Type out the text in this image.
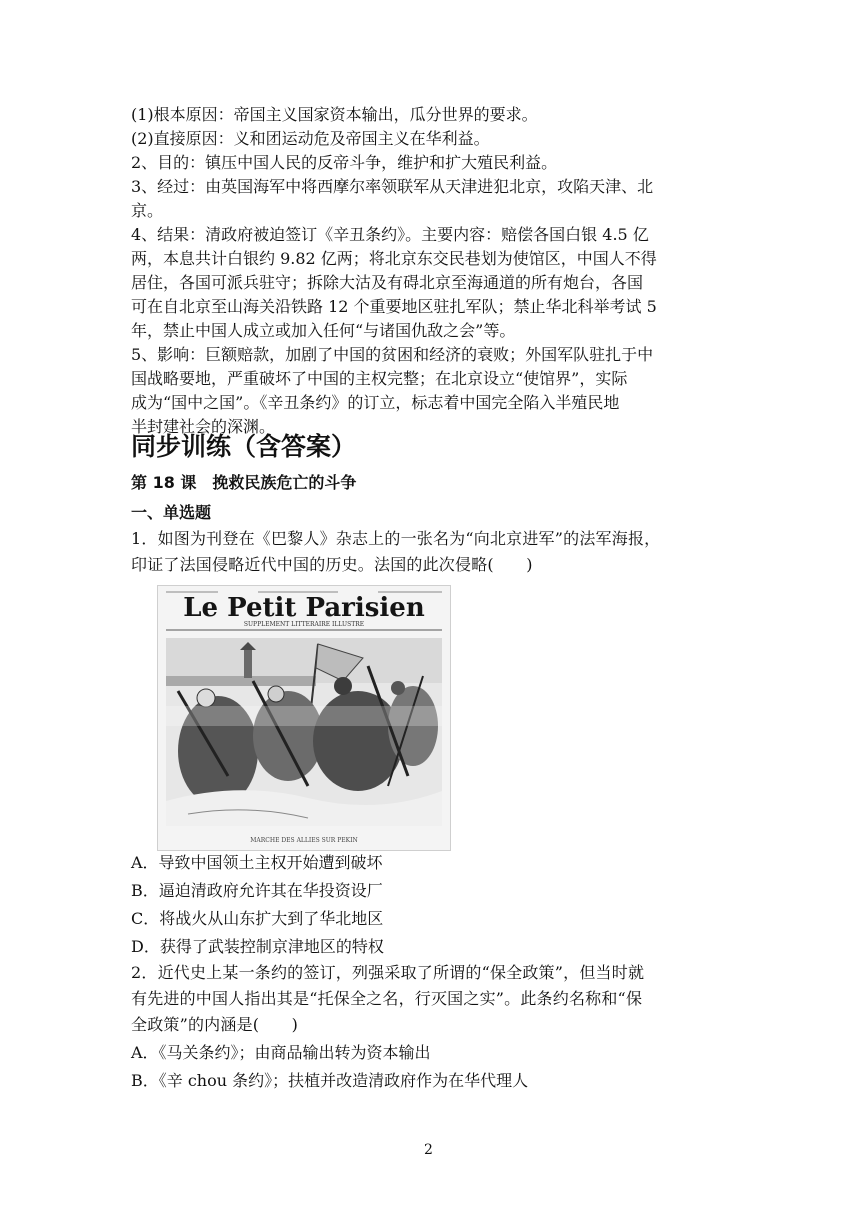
(1)根本原因：帝国主义国家资本输出，瓜分世界的要求。
(2)直接原因：义和团运动危及帝国主义在华利益。
2、目的：镇压中国人民的反帝斗争，维护和扩大殖民利益。
3、经过：由英国海军中将西摩尔率领联军从天津进犯北京，攻陷天津、北
京。
4、结果：清政府被迫签订《辛丑条约》。主要内容：赔偿各国白银 4.5 亿
两，本息共计白银约 9.82 亿两；将北京东交民巷划为使馆区，中国人不得
居住，各国可派兵驻守；拆除大沽及有碍北京至海通道的所有炮台，各国
可在自北京至山海关沿铁路 12 个重要地区驻扎军队；禁止华北科举考试 5
年，禁止中国人成立或加入任何“与诸国仇敌之会”等。
5、影响：巨额赔款，加剧了中国的贫困和经济的衰败；外国军队驻扎于中
国战略要地，严重破坏了中国的主权完整；在北京设立“使馆界”，实际
成为“国中之国”。《辛丑条约》的订立，标志着中国完全陷入半殖民地
半封建社会的深渊。
同步训练（含答案）
第 18 课　挽救民族危亡的斗争
一、单选题
1．如图为刊登在《巴黎人》杂志上的一张名为“向北京进军”的法军海报，
印证了法国侵略近代中国的历史。法国的此次侵略(　　)
Le Petit Parisien
SUPPLEMENT LITTERAIRE ILLUSTRE
MARCHE DES ALLIES SUR PEKIN
A．导致中国领土主权开始遭到破坏
B．逼迫清政府允许其在华投资设厂
C．将战火从山东扩大到了华北地区
D．获得了武装控制京津地区的特权
2．近代史上某一条约的签订，列强采取了所谓的“保全政策”，但当时就
有先进的中国人指出其是“托保全之名，行灭国之实”。此条约名称和“保
全政策”的内涵是(　　)
A．《马关条约》；由商品输出转为资本输出
B．《辛 chou 条约》；扶植并改造清政府作为在华代理人
2
